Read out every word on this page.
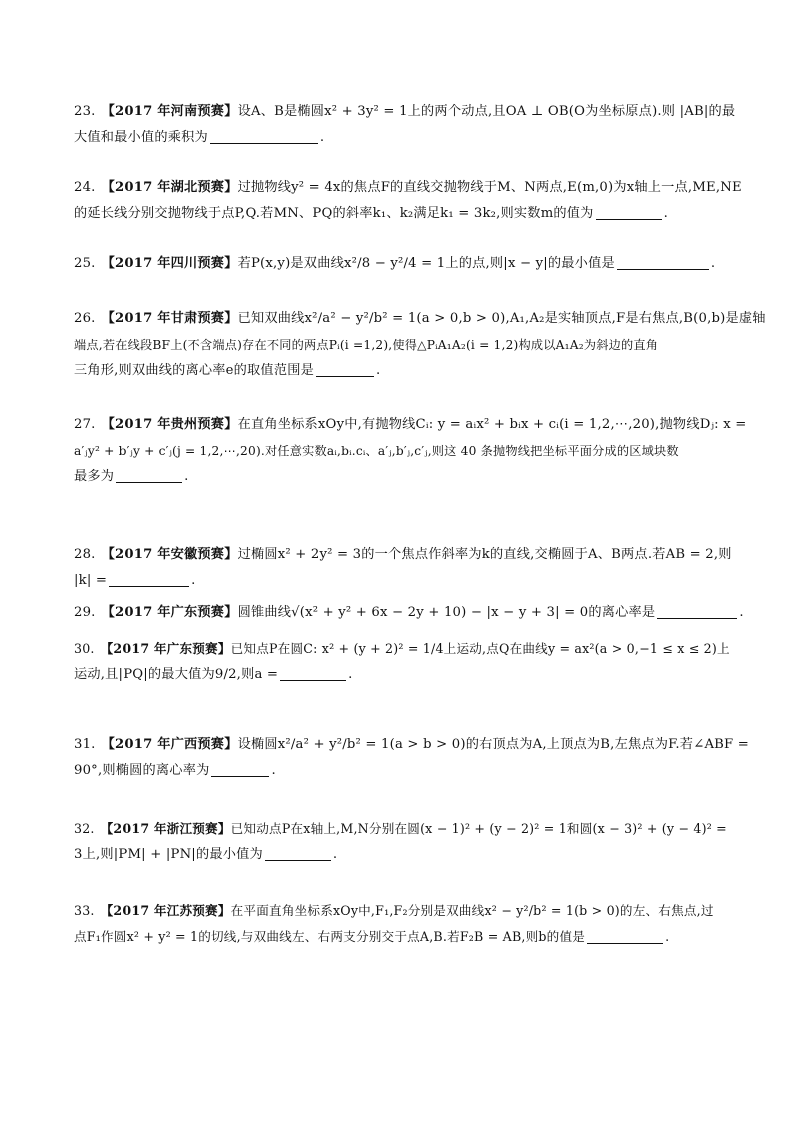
23. 【2017 年河南预赛】设A、B是椭圆x² + 3y² = 1上的两个动点,且OA ⊥ OB(O为坐标原点).则 |AB|的最
大值和最小值的乘积为	.
24. 【2017 年湖北预赛】过抛物线y² = 4x的焦点F的直线交抛物线于M、N两点,E(m,0)为x轴上一点,ME,NE
的延长线分别交抛物线于点P,Q.若MN、PQ的斜率k₁、k₂满足k₁ = 3k₂,则实数m的值为	.
25. 【2017 年四川预赛】若P(x,y)是双曲线x²/8 − y²/4 = 1上的点,则|x − y|的最小值是	.
26. 【2017 年甘肃预赛】已知双曲线x²/a² − y²/b² = 1(a > 0,b > 0),A₁,A₂是实轴顶点,F是右焦点,B(0,b)是虚轴
端点,若在线段BF上(不含端点)存在不同的两点Pᵢ(i =1,2),使得△PᵢA₁A₂(i = 1,2)构成以A₁A₂为斜边的直角
三角形,则双曲线的离心率e的取值范围是	.
27. 【2017 年贵州预赛】在直角坐标系xOy中,有抛物线Cᵢ: y = aᵢx² + bᵢx + cᵢ(i = 1,2,⋯,20),抛物线Dⱼ: x =
a′ⱼy² + b′ⱼy + c′ⱼ(j = 1,2,⋯,20).对任意实数aᵢ,bᵢ.cᵢ、a′ⱼ,b′ⱼ,c′ⱼ,则这 40 条抛物线把坐标平面分成的区域块数
最多为	.
28. 【2017 年安徽预赛】过椭圆x² + 2y² = 3的一个焦点作斜率为k的直线,交椭圆于A、B两点.若AB = 2,则
|k| =	.
29. 【2017 年广东预赛】圆锥曲线√(x² + y² + 6x − 2y + 10) − |x − y + 3| = 0的离心率是	.
30. 【2017 年广东预赛】已知点P在圆C: x² + (y + 2)² = 1/4上运动,点Q在曲线y = ax²(a > 0,−1 ≤ x ≤ 2)上
运动,且|PQ|的最大值为9/2,则a =	.
31. 【2017 年广西预赛】设椭圆x²/a² + y²/b² = 1(a > b > 0)的右顶点为A,上顶点为B,左焦点为F.若∠ABF =
90°,则椭圆的离心率为	.
32. 【2017 年浙江预赛】已知动点P在x轴上,M,N分别在圆(x − 1)² + (y − 2)² = 1和圆(x − 3)² + (y − 4)² =
3上,则|PM| + |PN|的最小值为	.
33. 【2017 年江苏预赛】在平面直角坐标系xOy中,F₁,F₂分别是双曲线x² − y²/b² = 1(b > 0)的左、右焦点,过
点F₁作圆x² + y² = 1的切线,与双曲线左、右两支分别交于点A,B.若F₂B = AB,则b的值是	.
